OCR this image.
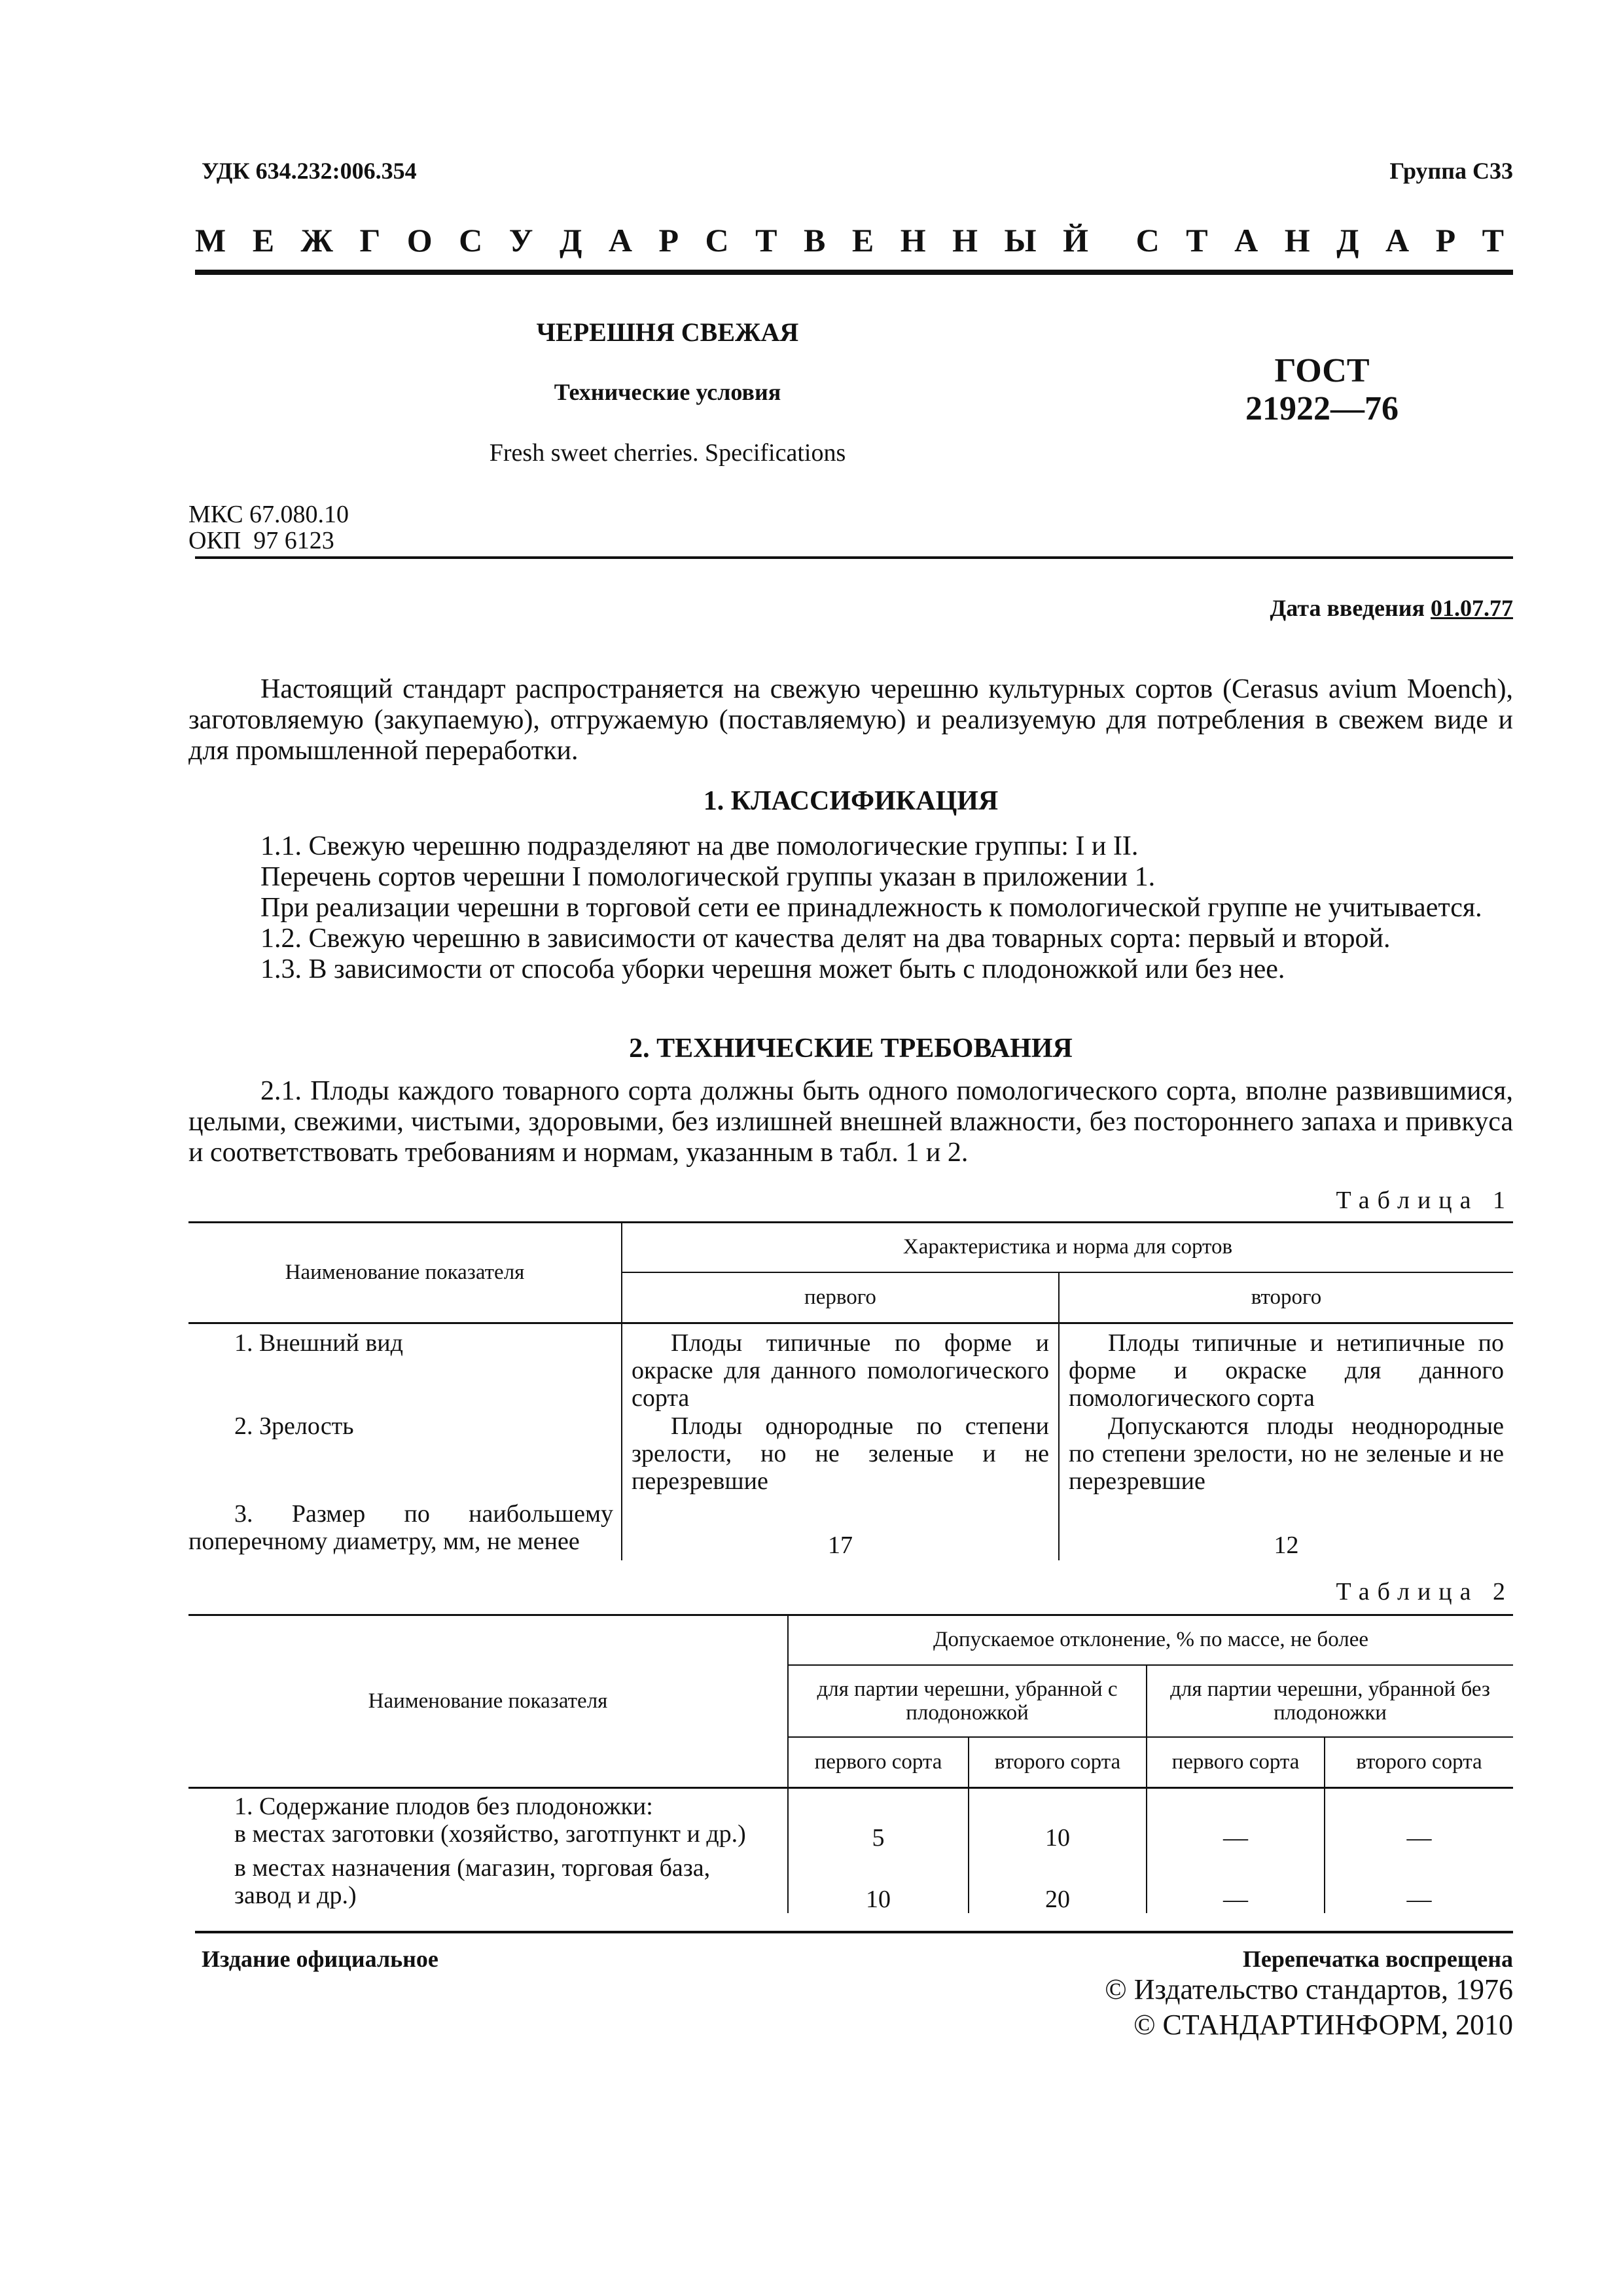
УДК 634.232:006.354	Группа С33
М Е Ж Г О С У Д А Р С Т В Е Н Н Ы Й С Т А Н Д А Р Т
ЧЕРЕШНЯ СВЕЖАЯ
Технические условия
Fresh sweet cherries. Specifications
ГОСТ
21922—76
МКС 67.080.10
ОКП  97 6123
Дата введения 01.07.77
Настоящий стандарт распространяется на свежую черешню культурных сортов (Cerasus avium Moench), заготовляемую (закупаемую), отгружаемую (поставляемую) и реализуемую для потребления в свежем виде и для промышленной переработки.
1. КЛАССИФИКАЦИЯ
1.1. Свежую черешню подразделяют на две помологические группы: I и II.
Перечень сортов черешни I помологической группы указан в приложении 1.
При реализации черешни в торговой сети ее принадлежность к помологической группе не учитывается.
1.2. Свежую черешню в зависимости от качества делят на два товарных сорта: первый и второй.
1.3. В зависимости от способа уборки черешня может быть с плодоножкой или без нее.
2. ТЕХНИЧЕСКИЕ ТРЕБОВАНИЯ
2.1. Плоды каждого товарного сорта должны быть одного помологического сорта, вполне развившимися, целыми, свежими, чистыми, здоровыми, без излишней внешней влажности, без постороннего запаха и привкуса и соответствовать требованиям и нормам, указанным в табл. 1 и 2.
Таблица 1
Наименование показателя	Характеристика и норма для сортов	
	первого	второго
1. Внешний вид	Плоды типичные по форме и окраске для данного помологического сорта	Плоды типичные и нетипичные по форме и окраске для данного помологического сорта
2. Зрелость	Плоды однородные по степени зрелости, но не зеленые и не перезревшие	Допускаются плоды неоднородные по степени зрелости, но не зеленые и не перезревшие
3. Размер по наибольшему поперечному диаметру, мм, не менее	17	12
Таблица 2
Наименование показателя	Допускаемое отклонение, % по массе, не более			
	для партии черешни, убранной с плодоножкой		для партии черешни, убранной без плодоножки	
	первого сорта	второго сорта	первого сорта	второго сорта
1. Содержание плодов без плодоножки:				
в местах заготовки (хозяйство, заготпункт и др.)	5	10	—	—
в местах назначения (магазин, торговая база, завод и др.)	10	20	—	—
Издание официальное	Перепечатка воспрещена
© Издательство стандартов, 1976
© СТАНДАРТИНФОРМ, 2010
